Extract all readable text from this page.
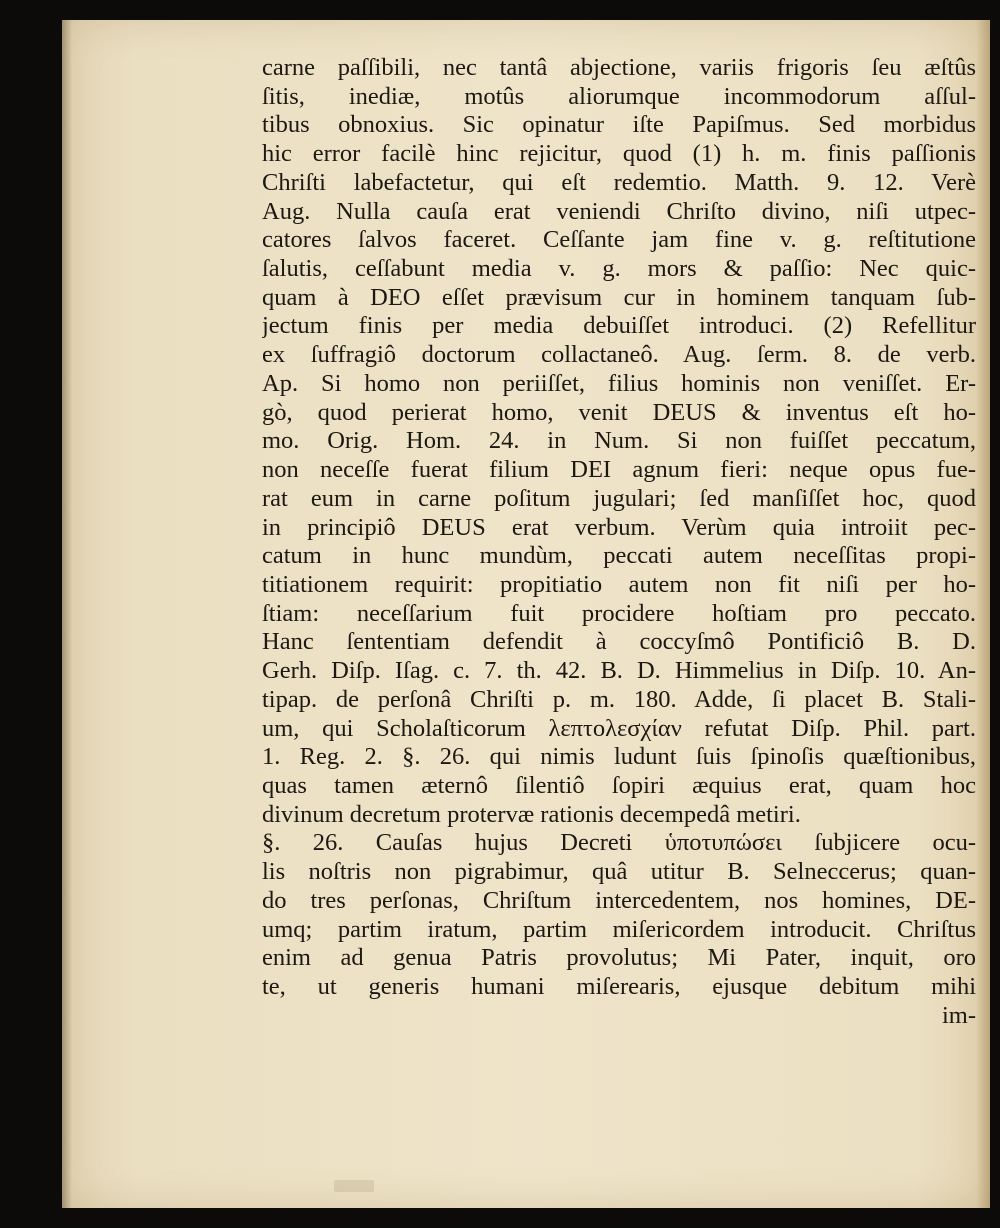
carne paſſibili, nec tantâ abjectione, variis frigoris ſeu æſtûs
ſitis, inediæ, motûs aliorumque incommodorum aſſul-
tibus obnoxius. Sic opinatur iſte Papiſmus. Sed morbidus
hic error facilè hinc rejicitur, quod (1) h. m. finis paſſionis
Chriſti labefactetur, qui eſt redemtio. Matth. 9. 12. Verè
Aug. Nulla cauſa erat veniendi Chriſto divino, niſi utpec-
catores ſalvos faceret. Ceſſante jam fine v. g. reſtitutione
ſalutis, ceſſabunt media v. g. mors & paſſio: Nec quic-
quam à DEO eſſet prævisum cur in hominem tanquam ſub-
jectum finis per media debuiſſet introduci. (2) Refellitur
ex ſuffragiô doctorum collactaneô. Aug. ſerm. 8. de verb.
Ap. Si homo non periiſſet, filius hominis non veniſſet. Er-
gò, quod perierat homo, venit DEUS & inventus eſt ho-
mo. Orig. Hom. 24. in Num. Si non fuiſſet peccatum,
non neceſſe fuerat filium DEI agnum fieri: neque opus fue-
rat eum in carne poſitum jugulari; ſed manſiſſet hoc, quod
in principiô DEUS erat verbum. Verùm quia introiit pec-
catum in hunc mundùm, peccati autem neceſſitas propi-
titiationem requirit: propitiatio autem non fit niſi per ho-
ſtiam: neceſſarium fuit procidere hoſtiam pro peccato.
Hanc ſententiam defendit à coccyſmô Pontificiô B. D.
Gerh. Diſp. Iſag. c. 7. th. 42. B. D. Himmelius in Diſp. 10. An-
tipap. de perſonâ Chriſti p. m. 180. Adde, ſi placet B. Stali-
um, qui Scholaſticorum λεπτολεσχίαν refutat Diſp. Phil. part.
1. Reg. 2. §. 26. qui nimis ludunt ſuis ſpinoſis quæſtionibus,
quas tamen æternô ſilentiô ſopiri æquius erat, quam hoc
divinum decretum protervæ rationis decempedâ metiri.
§. 26. Cauſas hujus Decreti ὑποτυπώσει ſubjicere ocu-
lis noſtris non pigrabimur, quâ utitur B. Selneccerus; quan-
do tres perſonas, Chriſtum intercedentem, nos homines, DE-
umq; partim iratum, partim miſericordem introducit. Chriſtus
enim ad genua Patris provolutus; Mi Pater, inquit, oro
te, ut generis humani miſerearis, ejusque debitum mihi
im-
